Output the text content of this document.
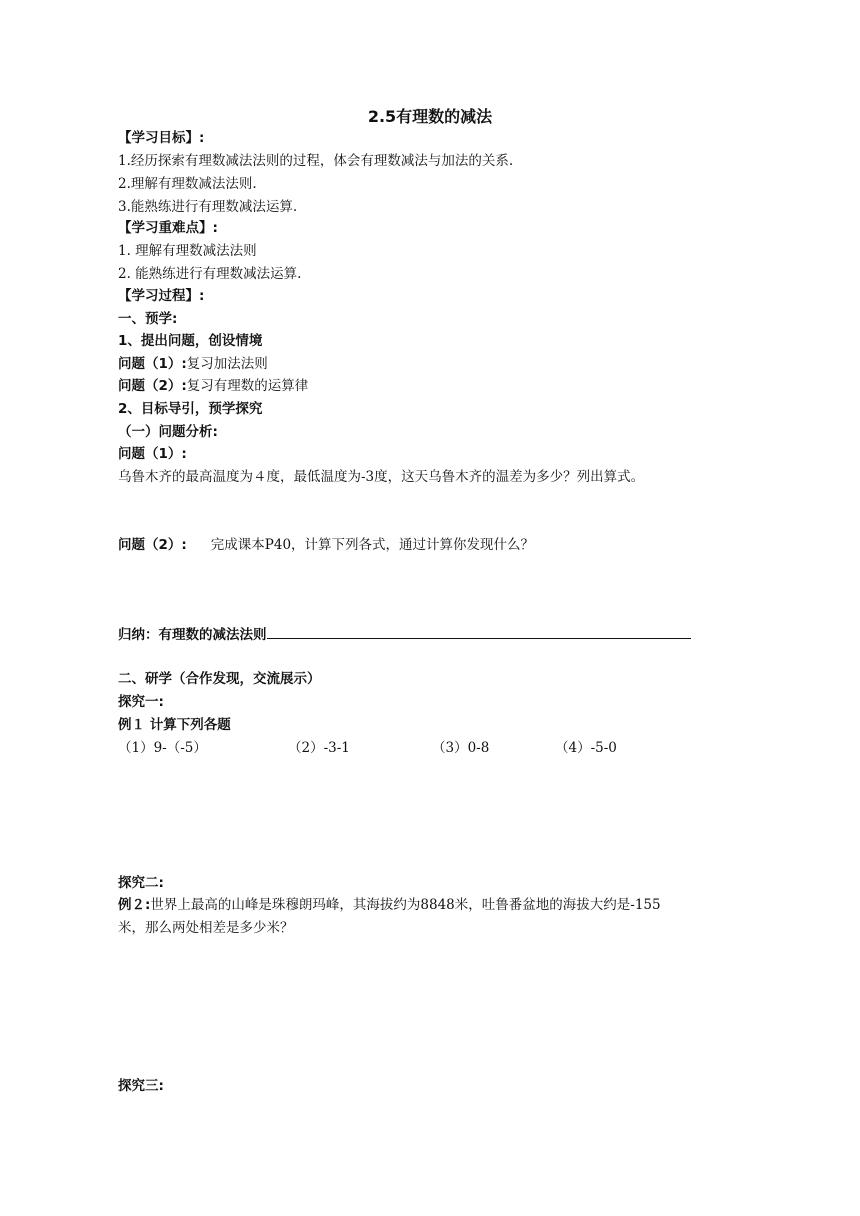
2.5有理数的减法
【学习目标】:
1.经历探索有理数减法法则的过程，体会有理数减法与加法的关系.
2.理解有理数减法法则.
3.能熟练进行有理数减法运算.
【学习重难点】:
1. 理解有理数减法法则
2. 能熟练进行有理数减法运算.
【学习过程】:
一、预学:
1、提出问题，创设情境
问题（1）:复习加法法则
问题（2）:复习有理数的运算律
2、目标导引，预学探究
（一）问题分析:
问题（1）:
乌鲁木齐的最高温度为４度，最低温度为-3度，这天乌鲁木齐的温差为多少？列出算式。
问题（2）: 完成课本P40，计算下列各式，通过计算你发现什么？
归纳：有理数的减法法则
二、研学（合作发现，交流展示）
探究一:
例１ 计算下列各题
（1）9-（-5）	（2）-3-1	（3）0-8	（4）-5-0
探究二:
例２:世界上最高的山峰是珠穆朗玛峰，其海拔约为8848米，吐鲁番盆地的海拔大约是-155
米，那么两处相差是多少米？
探究三:
